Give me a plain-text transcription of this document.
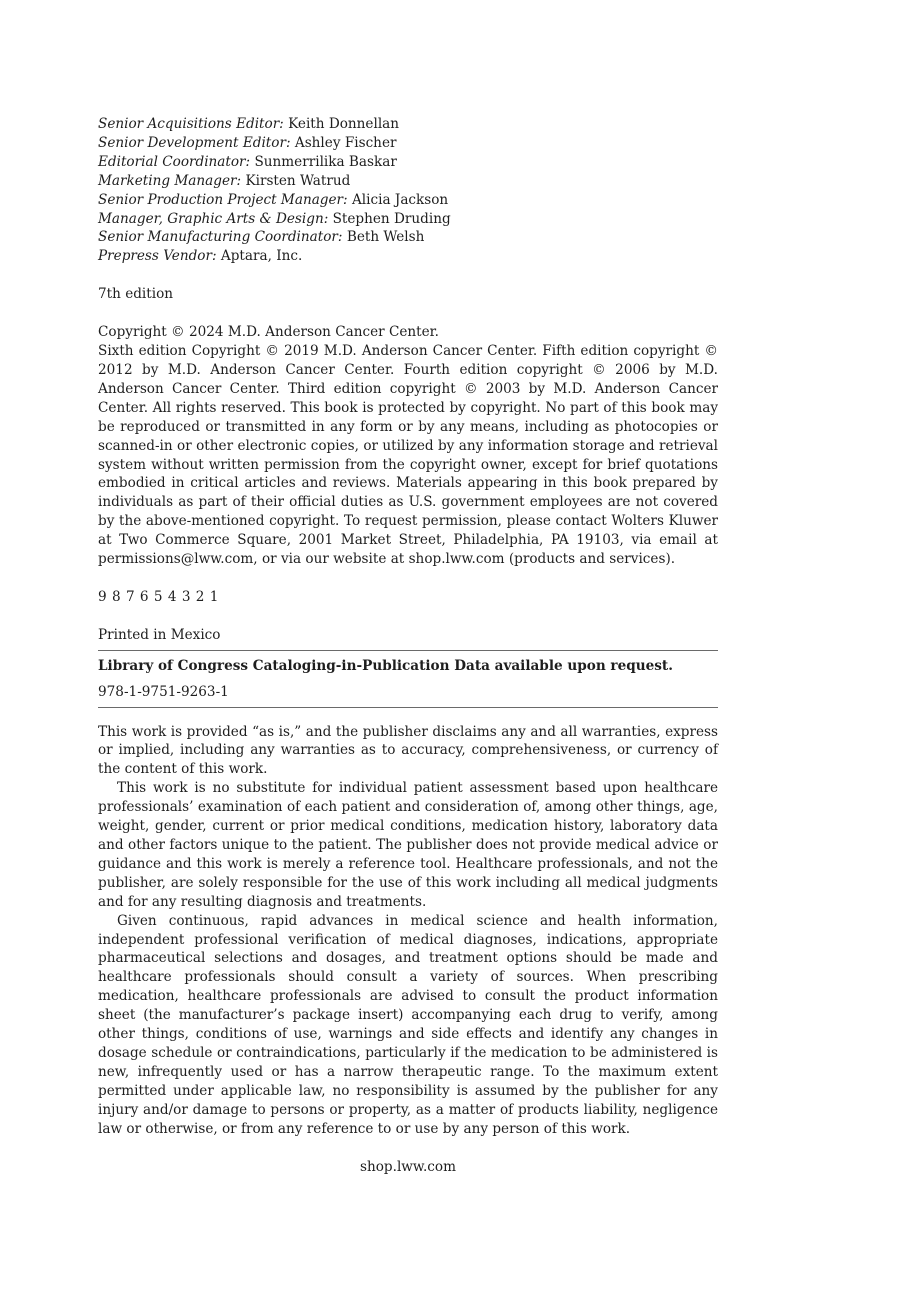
Senior Acquisitions Editor: Keith Donnellan
Senior Development Editor: Ashley Fischer
Editorial Coordinator: Sunmerrilika Baskar
Marketing Manager: Kirsten Watrud
Senior Production Project Manager: Alicia Jackson
Manager, Graphic Arts & Design: Stephen Druding
Senior Manufacturing Coordinator: Beth Welsh
Prepress Vendor: Aptara, Inc.
7th edition
Copyright © 2024 M.D. Anderson Cancer Center.

Sixth edition Copyright © 2019 M.D. Anderson Cancer Center. Fifth edition copyright © 2012 by M.D. Anderson Cancer Center. Fourth edition copyright © 2006 by M.D. Anderson Cancer Center. Third edition copyright © 2003 by M.D. Anderson Cancer Center. All rights reserved. This book is protected by copyright. No part of this book may be reproduced or transmitted in any form or by any means, including as photocopies or scanned-in or other electronic copies, or utilized by any information storage and retrieval system without written permission from the copyright owner, except for brief quotations embodied in critical articles and reviews. Materials appearing in this book prepared by individuals as part of their official duties as U.S. government employees are not covered by the above-mentioned copyright. To request permission, please contact Wolters Kluwer at Two Commerce Square, 2001 Market Street, Philadelphia, PA 19103, via email at permissions@lww.com, or via our website at shop.lww.com (products and services).

9 8 7 6 5 4 3 2 1
Printed in Mexico
Library of Congress Cataloging-in-Publication Data available upon request.
978-1-9751-9263-1

This work is provided “as is,” and the publisher disclaims any and all warranties, express or implied, including any warranties as to accuracy, comprehensiveness, or currency of the content of this work.

This work is no substitute for individual patient assessment based upon healthcare professionals’ examination of each patient and consideration of, among other things, age, weight, gender, current or prior medical conditions, medication history, laboratory data and other factors unique to the patient. The publisher does not provide medical advice or guidance and this work is merely a reference tool. Healthcare professionals, and not the publisher, are solely responsible for the use of this work including all medical judgments and for any resulting diagnosis and treatments.

Given continuous, rapid advances in medical science and health information, independent professional verification of medical diagnoses, indications, appropriate pharmaceutical selections and dosages, and treatment options should be made and healthcare professionals should consult a variety of sources. When prescribing medication, healthcare professionals are advised to consult the product information sheet (the manufacturer’s package insert) accompanying each drug to verify, among other things, conditions of use, warnings and side effects and identify any changes in dosage schedule or contraindications, particularly if the medication to be administered is new, infrequently used or has a narrow therapeutic range. To the maximum extent permitted under applicable law, no responsibility is assumed by the publisher for any injury and/or damage to persons or property, as a matter of products liability, negligence law or otherwise, or from any reference to or use by any person of this work.

shop.lww.com
